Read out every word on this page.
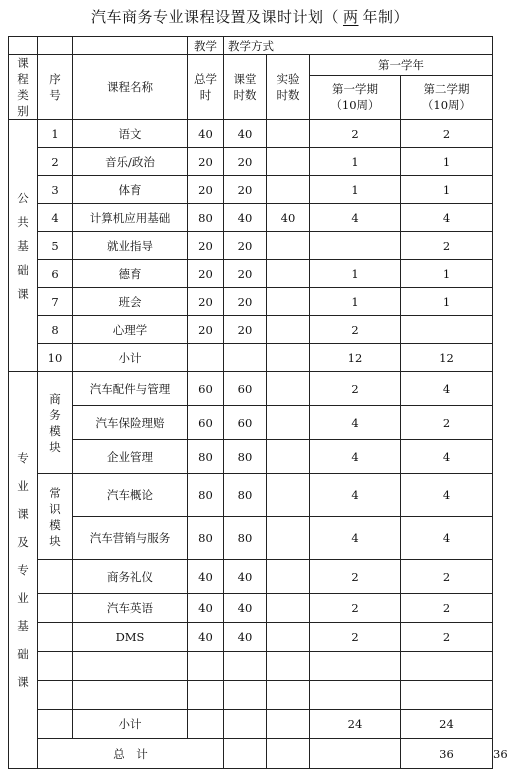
汽车商务专业课程设置及课时计划（ 两 年制）
			教学	教学方式				
课程类别	序号	课程名称	总学时	课堂时数	实验时数	第一学年		
						第一学期（10周）	第二学期（10周）	
公共基础课	1	语文	40	40		2	2	
	2	音乐/政治	20	20		1	1	
	3	体育	20	20		1	1	
	4	计算机应用基础	80	40	40	4	4	
	5	就业指导	20	20			2	
	6	德育	20	20		1	1	
	7	班会	20	20		1	1	
	8	心理学	20	20		2		
	10	小计				12	12	
专业课及专业基础课	商务模块	汽车配件与管理	60	60		2	4	
		汽车保险理赔	60	60		4	2	
		企业管理	80	80		4	4	
	常识模块	汽车概论	80	80		4	4	
		汽车营销与服务	80	80		4	4	
		商务礼仪	40	40		2	2	
		汽车英语	40	40		2	2	
		DMS	40	40		2	2	

		小计				24	24	
	总　计						36	36
